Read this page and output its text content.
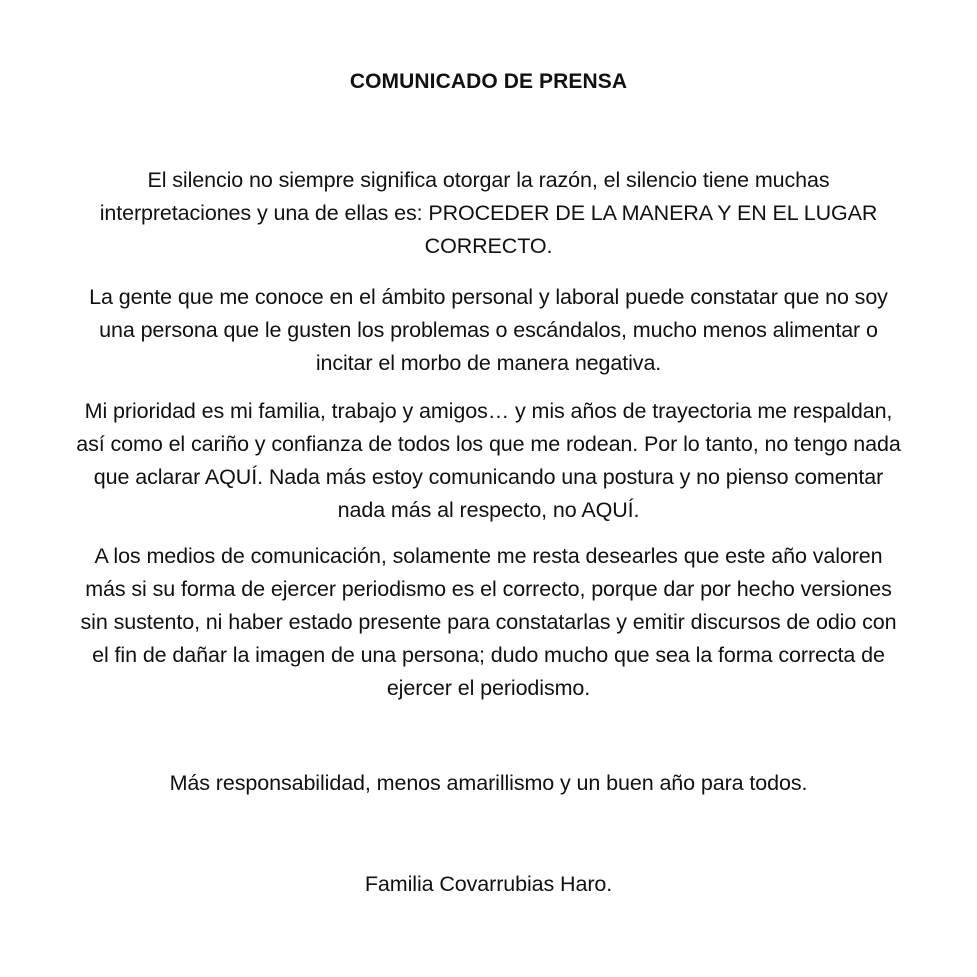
COMUNICADO DE PRENSA
El silencio no siempre significa otorgar la razón, el silencio tiene muchas
interpretaciones y una de ellas es: PROCEDER DE LA MANERA Y EN EL LUGAR
CORRECTO.
La gente que me conoce en el ámbito personal y laboral puede constatar que no soy
una persona que le gusten los problemas o escándalos, mucho menos alimentar o
incitar el morbo de manera negativa.
Mi prioridad es mi familia, trabajo y amigos… y mis años de trayectoria me respaldan,
así como el cariño y confianza de todos los que me rodean. Por lo tanto, no tengo nada
que aclarar AQUÍ. Nada más estoy comunicando una postura y no pienso comentar
nada más al respecto, no AQUÍ.
A los medios de comunicación, solamente me resta desearles que este año valoren
más si su forma de ejercer periodismo es el correcto, porque dar por hecho versiones
sin sustento, ni haber estado presente para constatarlas y emitir discursos de odio con
el fin de dañar la imagen de una persona; dudo mucho que sea la forma correcta de
ejercer el periodismo.
Más responsabilidad, menos amarillismo y un buen año para todos.
Familia Covarrubias Haro.
